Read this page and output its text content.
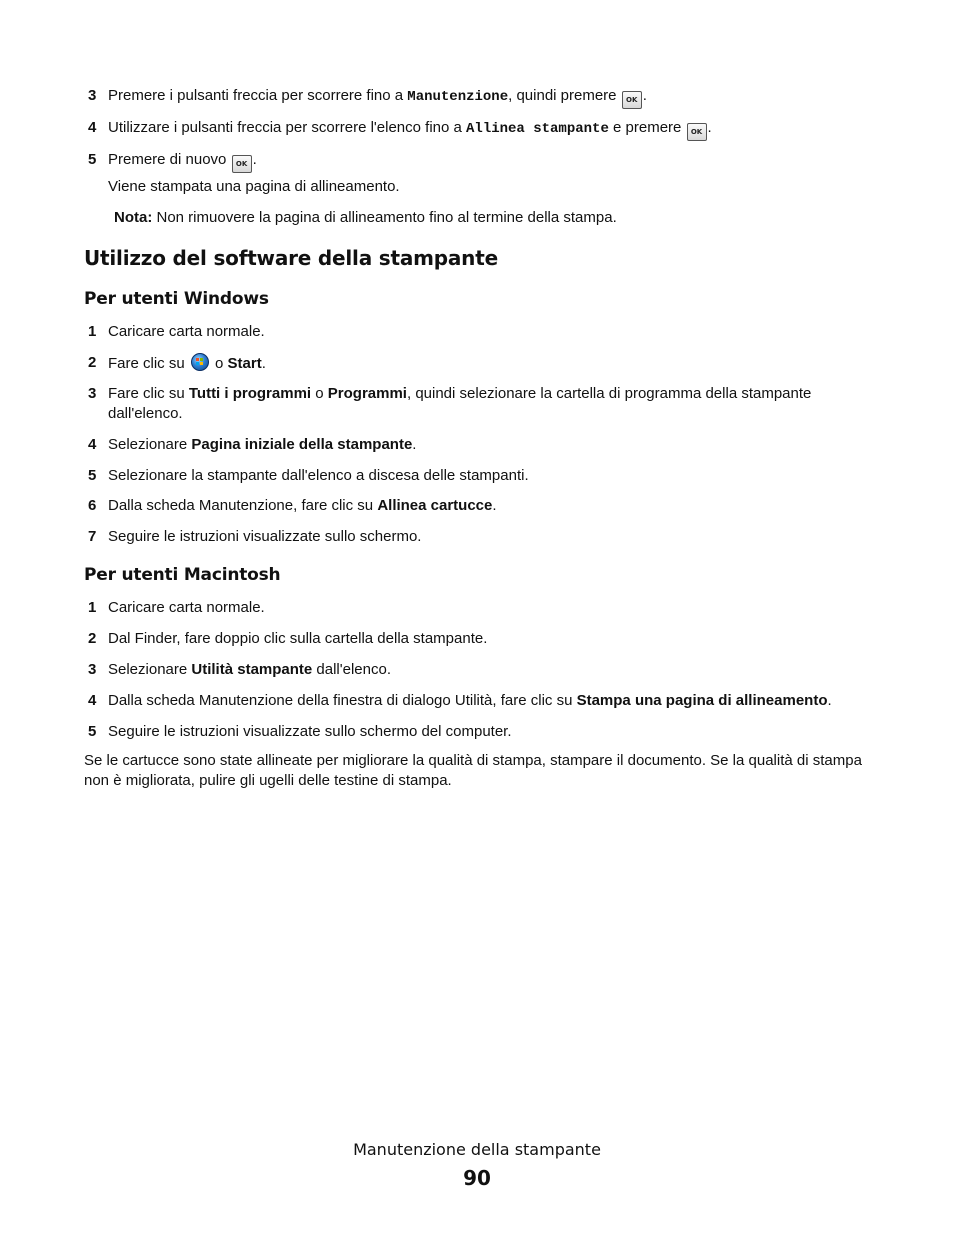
3 Premere i pulsanti freccia per scorrere fino a Manutenzione, quindi premere OK .
4 Utilizzare i pulsanti freccia per scorrere l'elenco fino a Allinea stampante e premere OK .
5 Premere di nuovo OK .
Viene stampata una pagina di allineamento.
Nota: Non rimuovere la pagina di allineamento fino al termine della stampa.
Utilizzo del software della stampante
Per utenti Windows
1 Caricare carta normale.
2 Fare clic su  o Start.
3 Fare clic su Tutti i programmi o Programmi, quindi selezionare la cartella di programma della stampante dall'elenco.
4 Selezionare Pagina iniziale della stampante.
5 Selezionare la stampante dall'elenco a discesa delle stampanti.
6 Dalla scheda Manutenzione, fare clic su Allinea cartucce.
7 Seguire le istruzioni visualizzate sullo schermo.
Per utenti Macintosh
1 Caricare carta normale.
2 Dal Finder, fare doppio clic sulla cartella della stampante.
3 Selezionare Utilità stampante dall'elenco.
4 Dalla scheda Manutenzione della finestra di dialogo Utilità, fare clic su Stampa una pagina di allineamento.
5 Seguire le istruzioni visualizzate sullo schermo del computer.
Se le cartucce sono state allineate per migliorare la qualità di stampa, stampare il documento. Se la qualità di stampa non è migliorata, pulire gli ugelli delle testine di stampa.
Manutenzione della stampante
90
